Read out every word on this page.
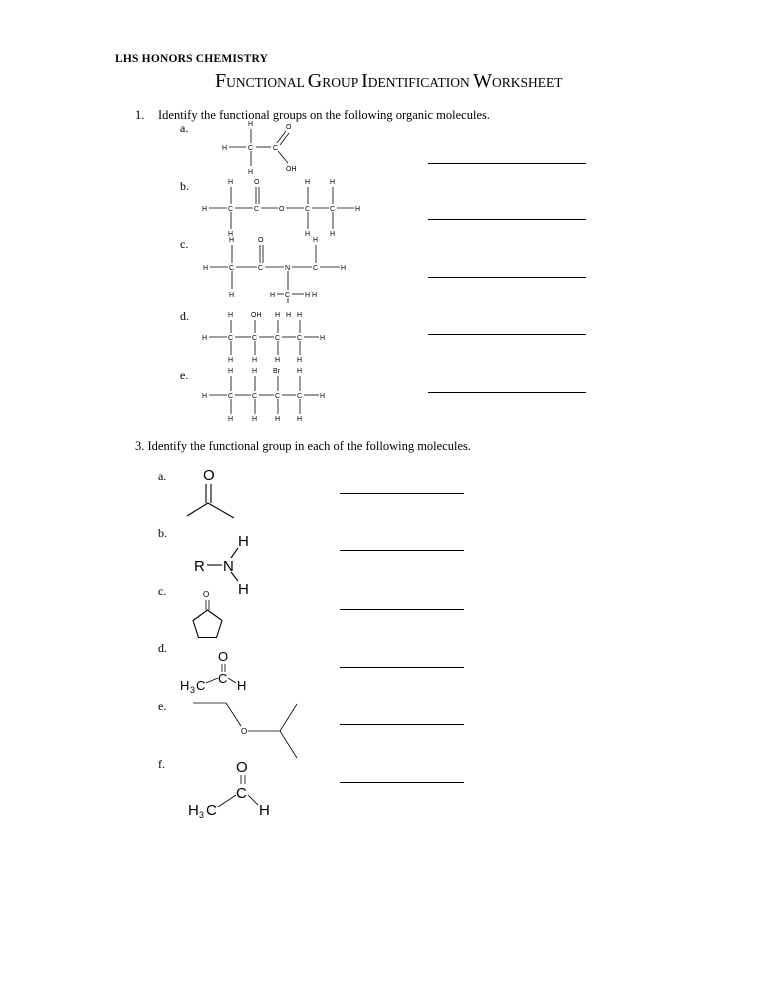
LHS HONORS CHEMISTRY
FUNCTIONAL GROUP IDENTIFICATION WORKSHEET
1. Identify the functional groups on the following organic molecules.
a.
b.
c.
d.
e.
3. Identify the functional group in each of the following molecules.
a.
b.
c.
d.
e.
f.
H
H	C	C
H
O
OH
H	O	H	H
H	C	C	O	C	C	H
H	H	H
H	O	H
H	C	C	N	C	H
H	H C H H
H	OH H H H
H	C	C	C C	H
H	H	H H
H	H Br H
H	C	C	C C	H
H	H	H H
O
H
R N
H
O
O
C
H 3 C H
O
O
C
H 3 C	H
